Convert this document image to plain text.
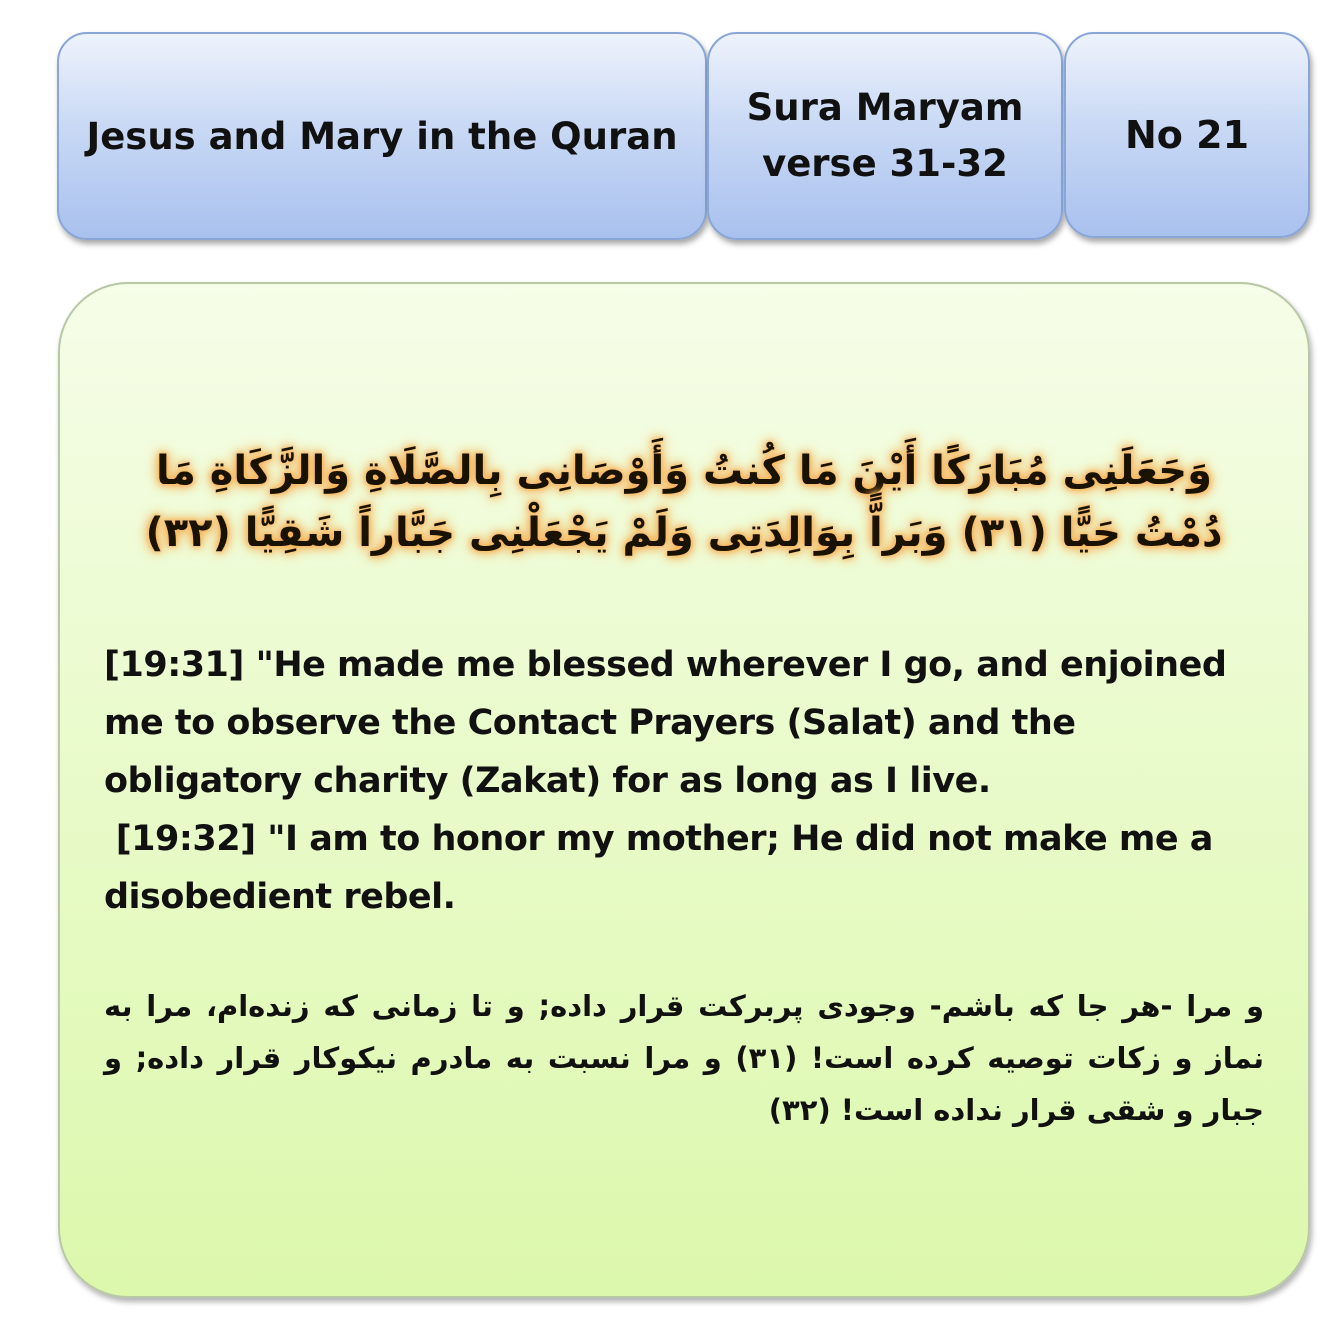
Jesus and Mary in the Quran
Sura Maryam
verse 31-32
No 21
وَجَعَلَنِى مُبَارَكًا أَيْنَ مَا كُنتُ وَأَوْصَانِى بِالصَّلَاةِ وَالزَّكَاةِ مَا دُمْتُ حَيًّا (٣١) وَبَراًّ بِوَالِدَتِى وَلَمْ يَجْعَلْنِى جَبَّاراً شَقِيًّا (٣٢)

[19:31] "He made me blessed wherever I go, and enjoined me to observe the Contact Prayers (Salat) and the obligatory charity (Zakat) for as long as I live.

[19:32] "I am to honor my mother; He did not make me a disobedient rebel.

و مرا -هر جا كه باشم- وجودى پربركت قرار داده; و تا زمانى كه زنده‌ام، مرا به نماز و زكات توصيه كرده است! (٣١) و مرا نسبت به مادرم نيكوكار قرار داده; و جبار و شقى قرار نداده است! (٣٢)
